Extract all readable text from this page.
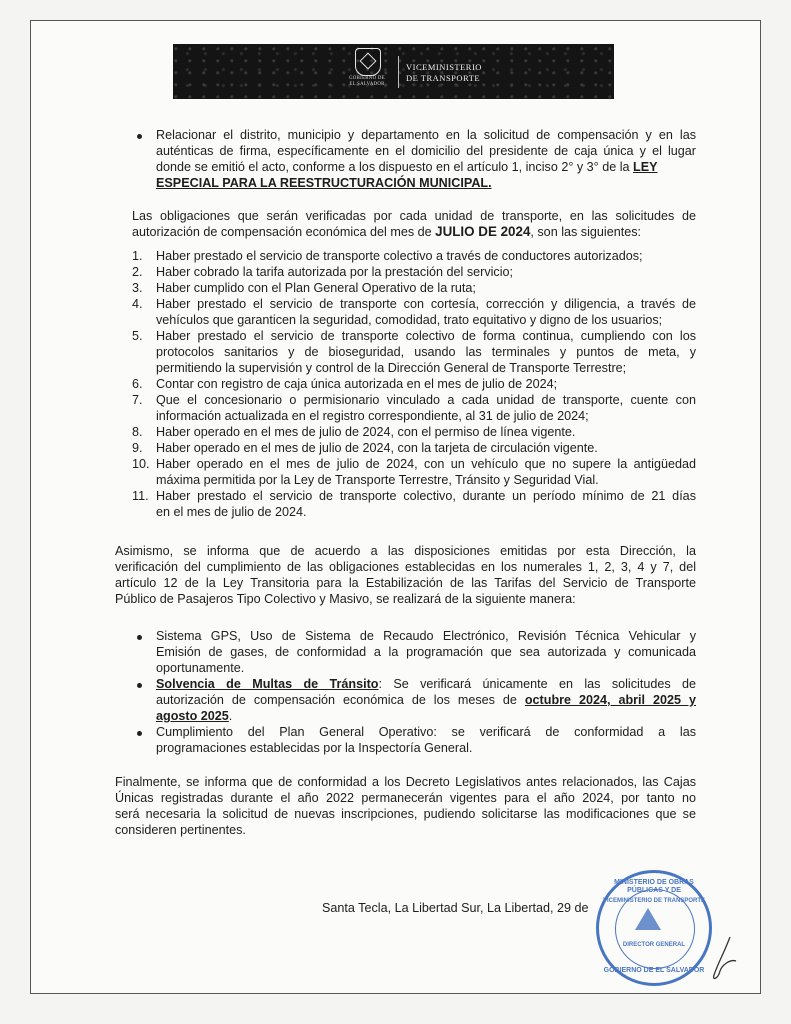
GOBIERNO DE
EL SALVADOR
VICEMINISTERIO
DE TRANSPORTE
Relacionar el distrito, municipio y departamento en la solicitud de compensación y en las
auténticas de firma, específicamente en el domicilio del presidente de caja única y el lugar
donde se emitió el acto, conforme a los dispuesto en el artículo 1, inciso 2° y 3° de la LEY
ESPECIAL PARA LA REESTRUCTURACIÓN MUNICIPAL.
Las obligaciones que serán verificadas por cada unidad de transporte, en las solicitudes de
autorización de compensación económica del mes de JULIO DE 2024, son las siguientes:
1. Haber prestado el servicio de transporte colectivo a través de conductores autorizados;
2. Haber cobrado la tarifa autorizada por la prestación del servicio;
3. Haber cumplido con el Plan General Operativo de la ruta;
4. Haber prestado el servicio de transporte con cortesía, corrección y diligencia, a través de
vehículos que garanticen la seguridad, comodidad, trato equitativo y digno de los usuarios;
5. Haber prestado el servicio de transporte colectivo de forma continua, cumpliendo con los
protocolos sanitarios y de bioseguridad, usando las terminales y puntos de meta, y
permitiendo la supervisión y control de la Dirección General de Transporte Terrestre;
6. Contar con registro de caja única autorizada en el mes de julio de 2024;
7. Que el concesionario o permisionario vinculado a cada unidad de transporte, cuente con
información actualizada en el registro correspondiente, al 31 de julio de 2024;
8. Haber operado en el mes de julio de 2024, con el permiso de línea vigente.
9. Haber operado en el mes de julio de 2024, con la tarjeta de circulación vigente.
10. Haber operado en el mes de julio de 2024, con un vehículo que no supere la antigüedad
máxima permitida por la Ley de Transporte Terrestre, Tránsito y Seguridad Vial.
11. Haber prestado el servicio de transporte colectivo, durante un período mínimo de 21 días
en el mes de julio de 2024.
Asimismo, se informa que de acuerdo a las disposiciones emitidas por esta Dirección, la
verificación del cumplimiento de las obligaciones establecidas en los numerales 1, 2, 3, 4 y 7, del
artículo 12 de la Ley Transitoria para la Estabilización de las Tarifas del Servicio de Transporte
Público de Pasajeros Tipo Colectivo y Masivo, se realizará de la siguiente manera:
Sistema GPS, Uso de Sistema de Recaudo Electrónico, Revisión Técnica Vehicular y
Emisión de gases, de conformidad a la programación que sea autorizada y comunicada
oportunamente.
Solvencia de Multas de Tránsito: Se verificará únicamente en las solicitudes de
autorización de compensación económica de los meses de octubre 2024, abril 2025 y
agosto 2025.
Cumplimiento del Plan General Operativo: se verificará de conformidad a las
programaciones establecidas por la Inspectoría General.
Finalmente, se informa que de conformidad a los Decreto Legislativos antes relacionados, las Cajas
Únicas registradas durante el año 2022 permanecerán vigentes para el año 2024, por tanto no
será necesaria la solicitud de nuevas inscripciones, pudiendo solicitarse las modificaciones que se
consideren pertinentes.
Santa Tecla, La Libertad Sur, La Libertad, 29 de
MINISTERIO DE OBRAS PÚBLICAS Y DE
VICEMINISTERIO DE TRANSPORTE
DIRECTOR GENERAL
GOBIERNO DE EL SALVADOR
